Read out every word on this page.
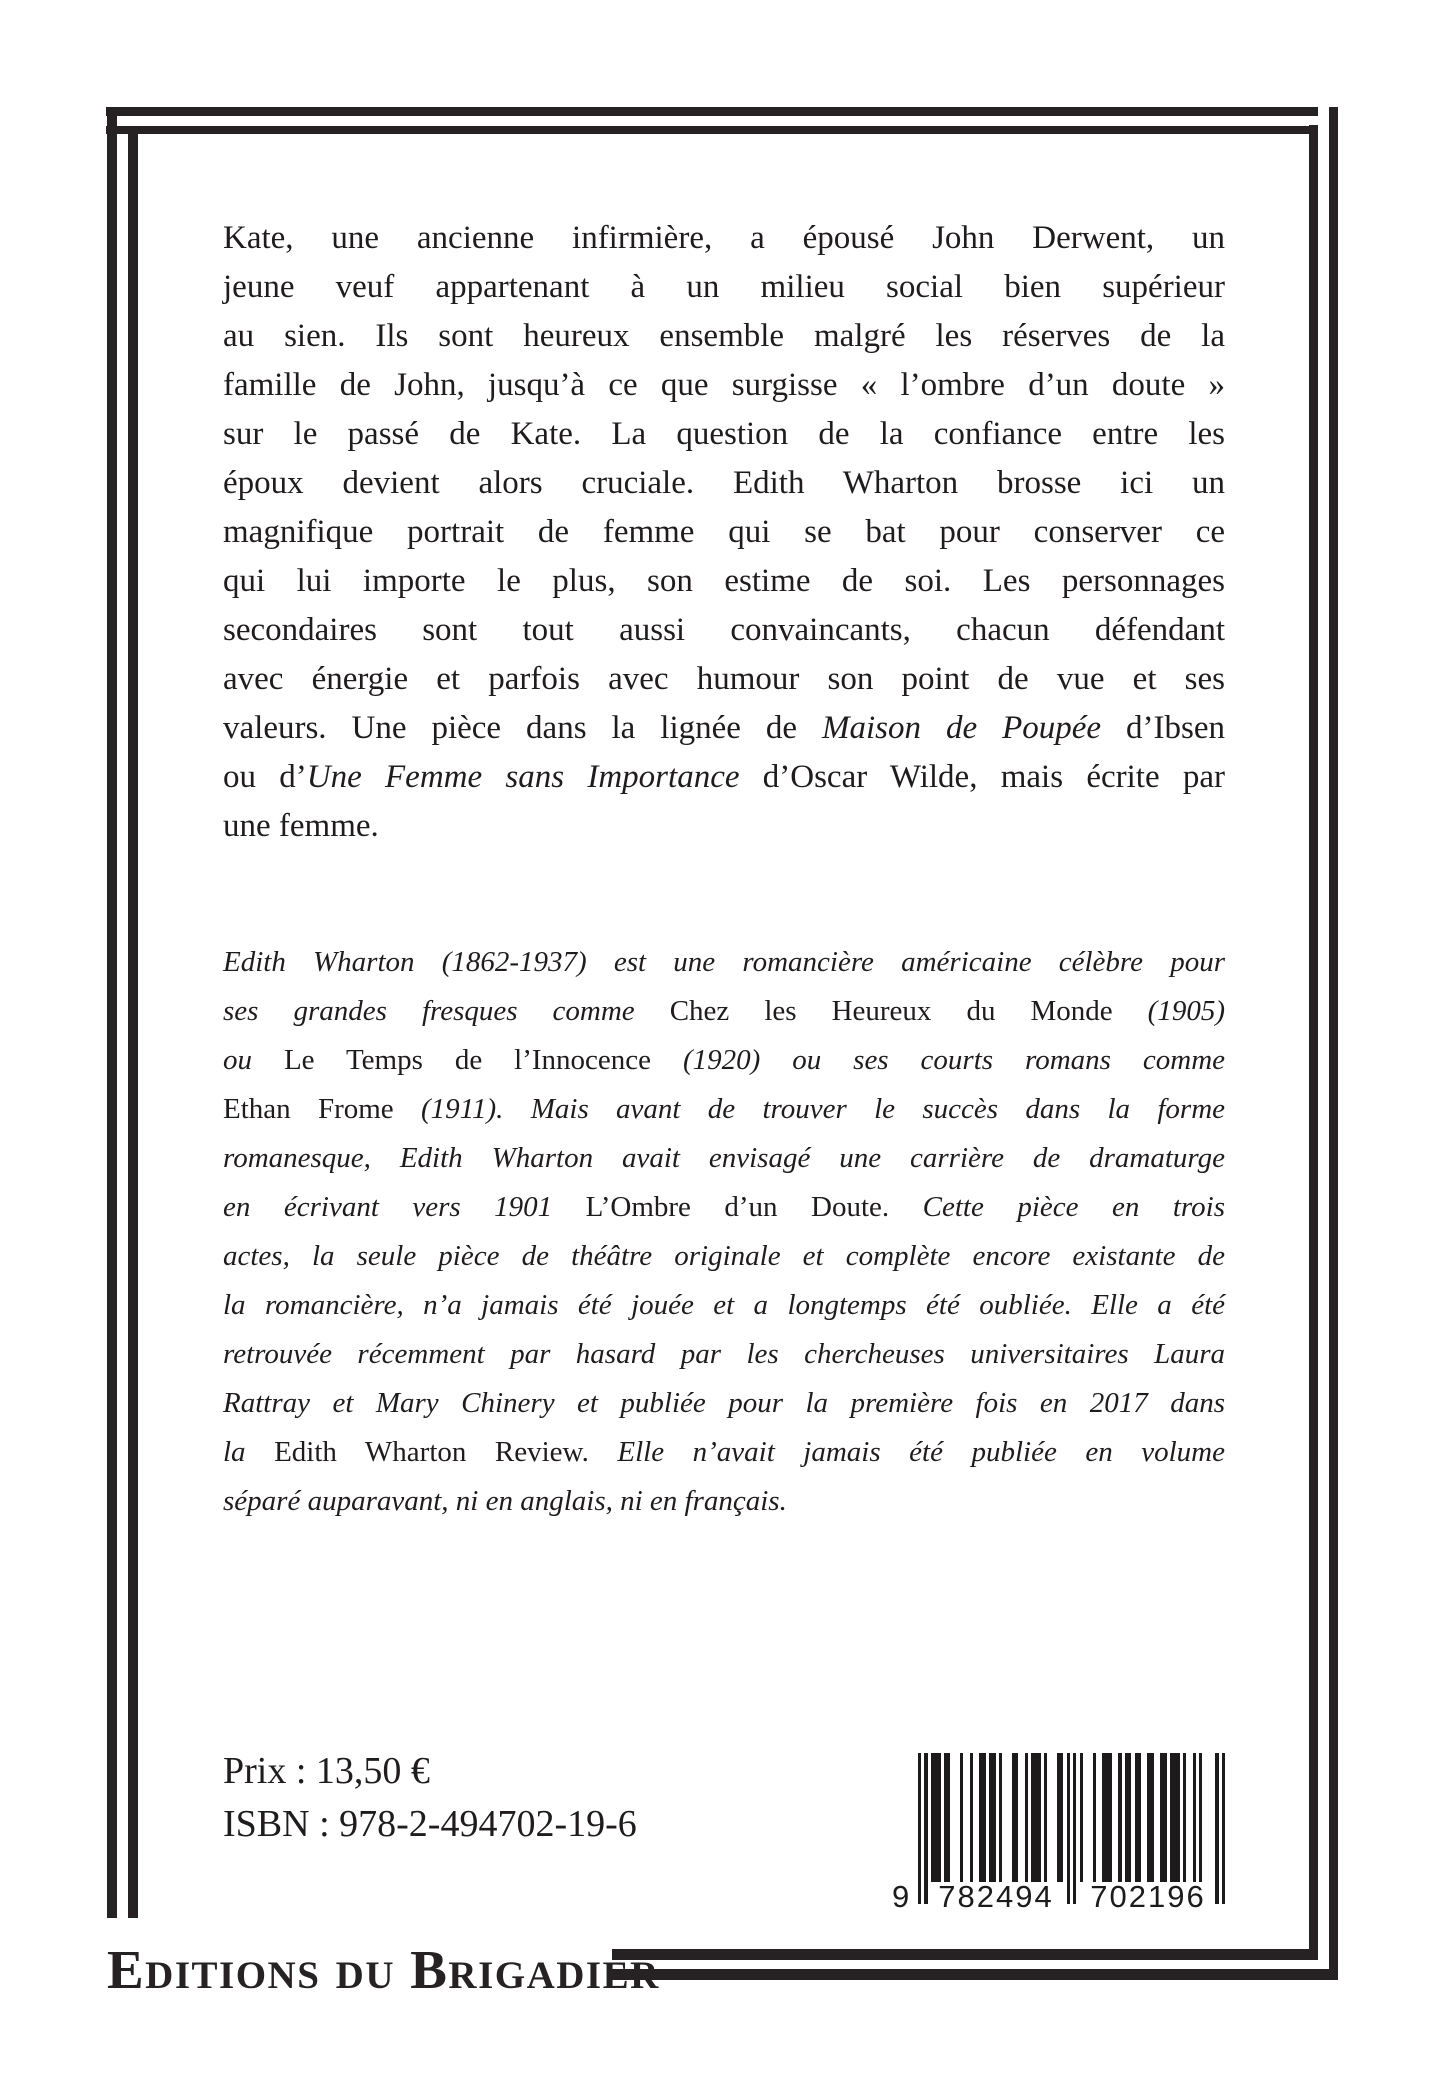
Kate, une ancienne infirmière, a épousé John Derwent, un
jeune veuf appartenant à un milieu social bien supérieur
au sien. Ils sont heureux ensemble malgré les réserves de la
famille de John, jusqu’à ce que surgisse « l’ombre d’un doute »
sur le passé de Kate. La question de la confiance entre les
époux devient alors cruciale. Edith Wharton brosse ici un
magnifique portrait de femme qui se bat pour conserver ce
qui lui importe le plus, son estime de soi. Les personnages
secondaires sont tout aussi convaincants, chacun défendant
avec énergie et parfois avec humour son point de vue et ses
valeurs. Une pièce dans la lignée de Maison de Poupée d’Ibsen
ou d’Une Femme sans Importance d’Oscar Wilde, mais écrite par
une femme.
Edith Wharton (1862-1937) est une romancière américaine célèbre pour
ses grandes fresques comme Chez les Heureux du Monde (1905)
ou Le Temps de l’Innocence (1920) ou ses courts romans comme
Ethan Frome (1911). Mais avant de trouver le succès dans la forme
romanesque, Edith Wharton avait envisagé une carrière de dramaturge
en écrivant vers 1901 L’Ombre d’un Doute. Cette pièce en trois
actes, la seule pièce de théâtre originale et complète encore existante de
la romancière, n’a jamais été jouée et a longtemps été oubliée. Elle a été
retrouvée récemment par hasard par les chercheuses universitaires Laura
Rattray et Mary Chinery et publiée pour la première fois en 2017 dans
la Edith Wharton Review. Elle n’avait jamais été publiée en volume
séparé auparavant, ni en anglais, ni en français.
Prix : 13,50 €
ISBN : 978-2-494702-19-6
9 782494	702196
Editions du Brigadier
